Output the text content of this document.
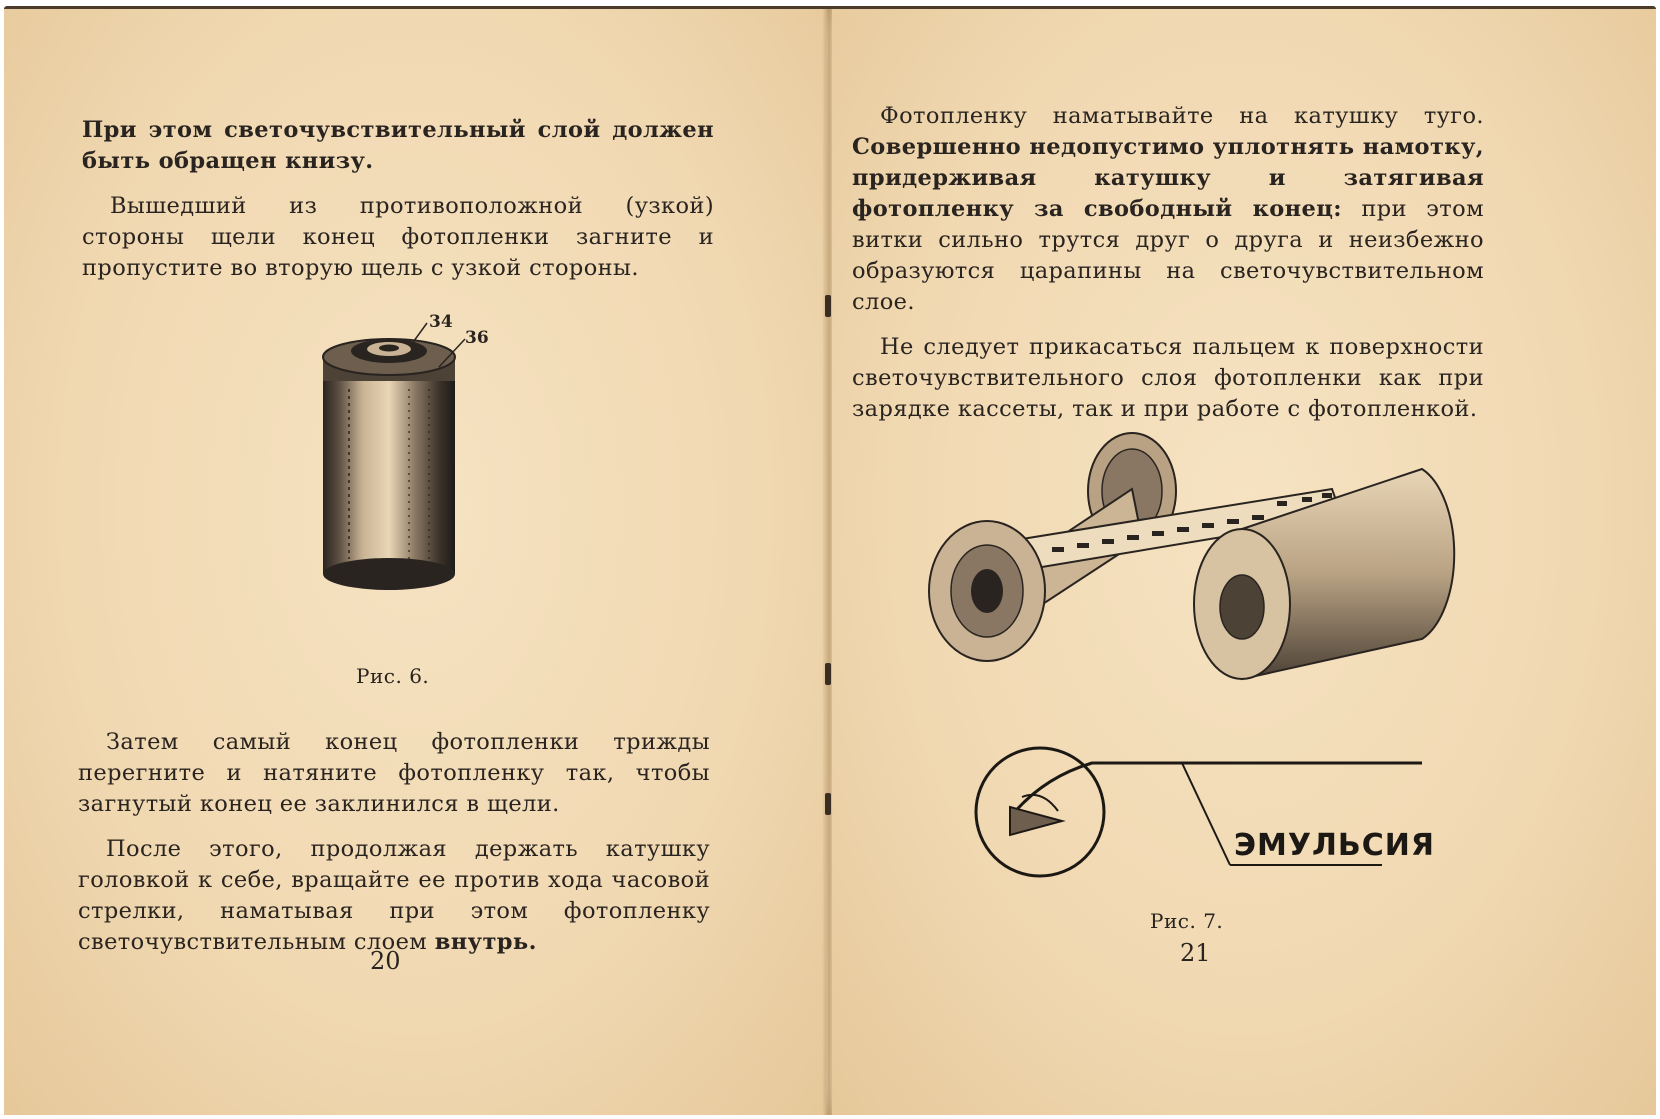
При этом светочувствительный слой должен быть обращен книзу.

Вышедший из противоположной (узкой) стороны щели конец фотопленки загните и пропустите во вторую щель с узкой стороны.

34
36
Рис. 6.

Затем самый конец фотопленки трижды перегните и натяните фотопленку так, чтобы загнутый конец ее заклинился в щели.

После этого, продолжая держать катушку головкой к себе, вращайте ее против хода часовой стрелки, наматывая при этом фотопленку светочувствительным слоем внутрь.

20

Фотопленку наматывайте на катушку туго. Совершенно недопустимо уплотнять намотку, придерживая катушку и затягивая фотопленку за свободный конец: при этом витки сильно трутся друг о друга и неизбежно образуются царапины на светочувствительном слое.

Не следует прикасаться пальцем к поверхности светочувствительного слоя фотопленки как при зарядке кассеты, так и при работе с фотопленкой.

ЭМУЛЬСИЯ
Рис. 7.
21
